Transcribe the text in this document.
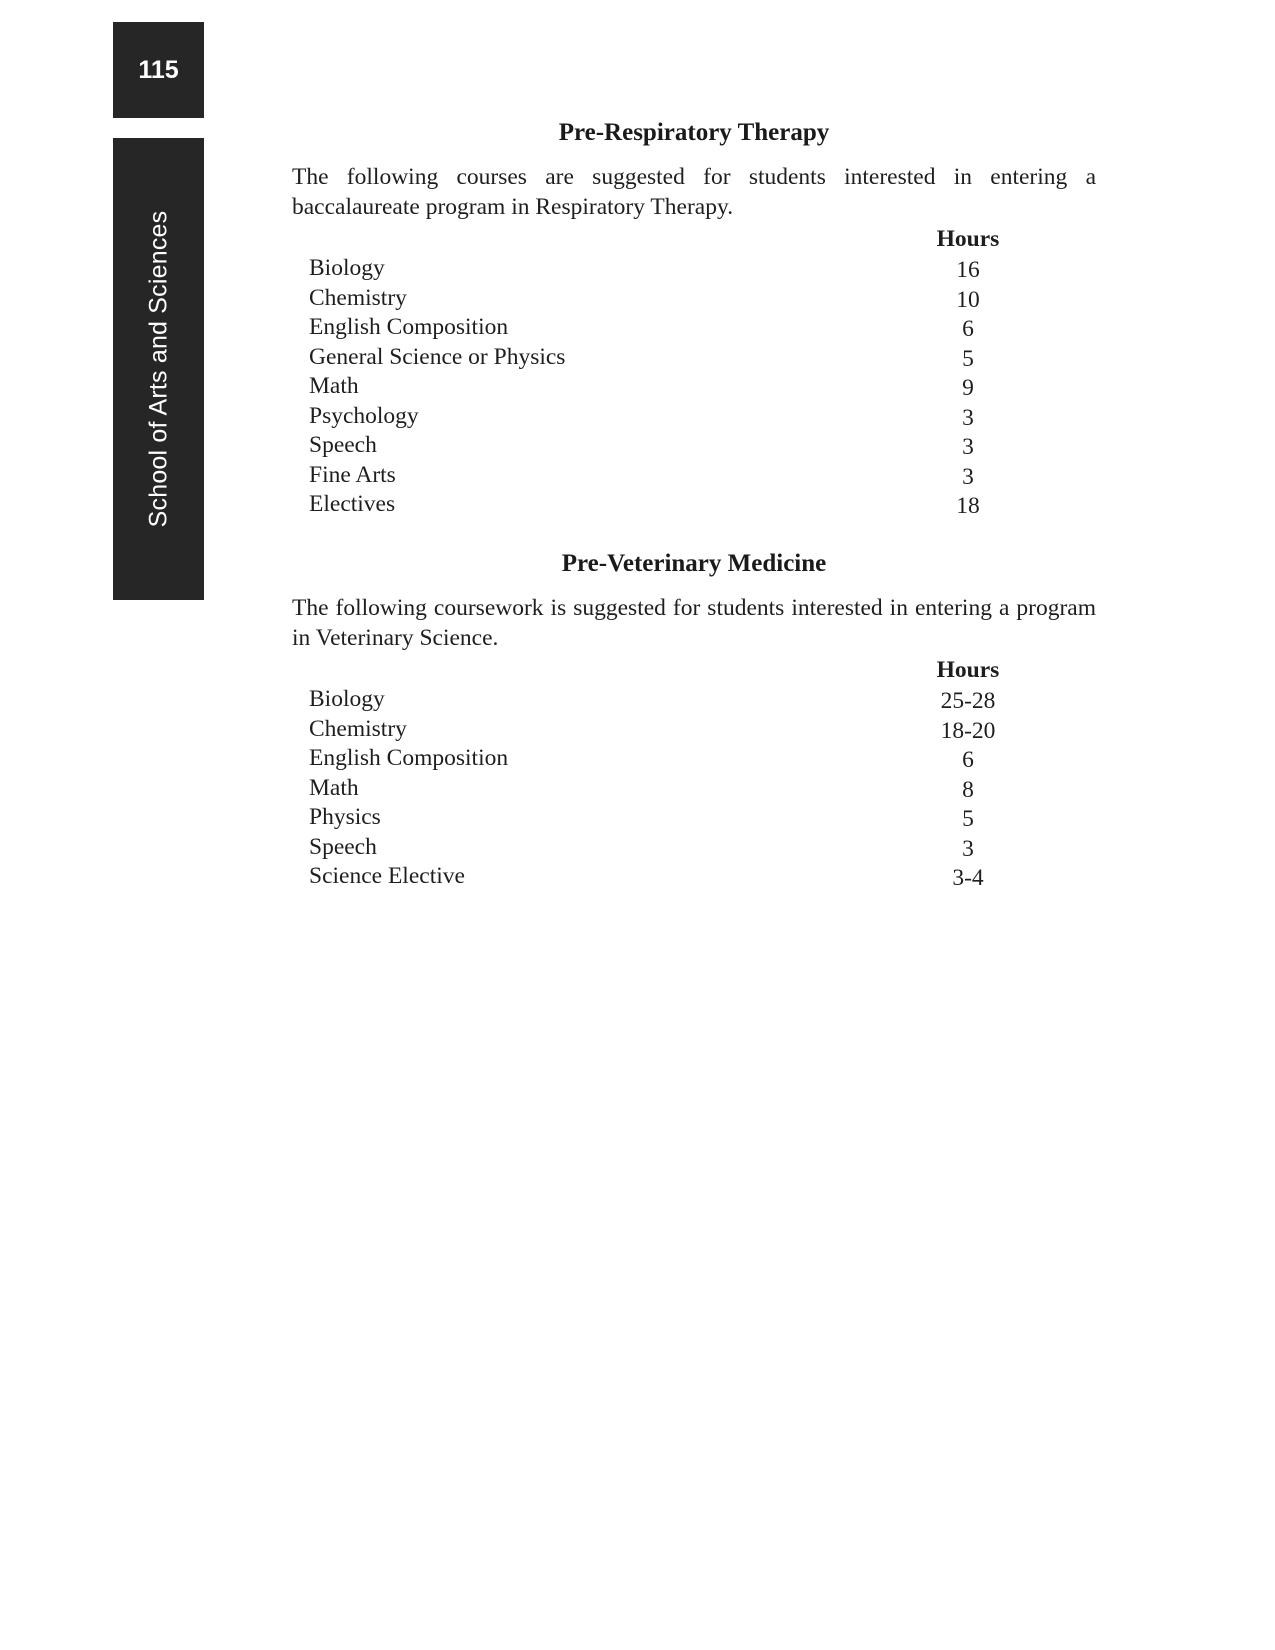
115
School of Arts and Sciences
Pre-Respiratory Therapy

The following courses are suggested for students interested in entering a baccalaureate program in Respiratory Therapy.

Hours
Biology	16
Chemistry	10
English Composition	6
General Science or Physics	5
Math	9
Psychology	3
Speech	3
Fine Arts	3
Electives	18
Pre-Veterinary Medicine

The following coursework is suggested for students interested in entering a program in Veterinary Science.

Hours
Biology	25-28
Chemistry	18-20
English Composition	6
Math	8
Physics	5
Speech	3
Science Elective	3-4
